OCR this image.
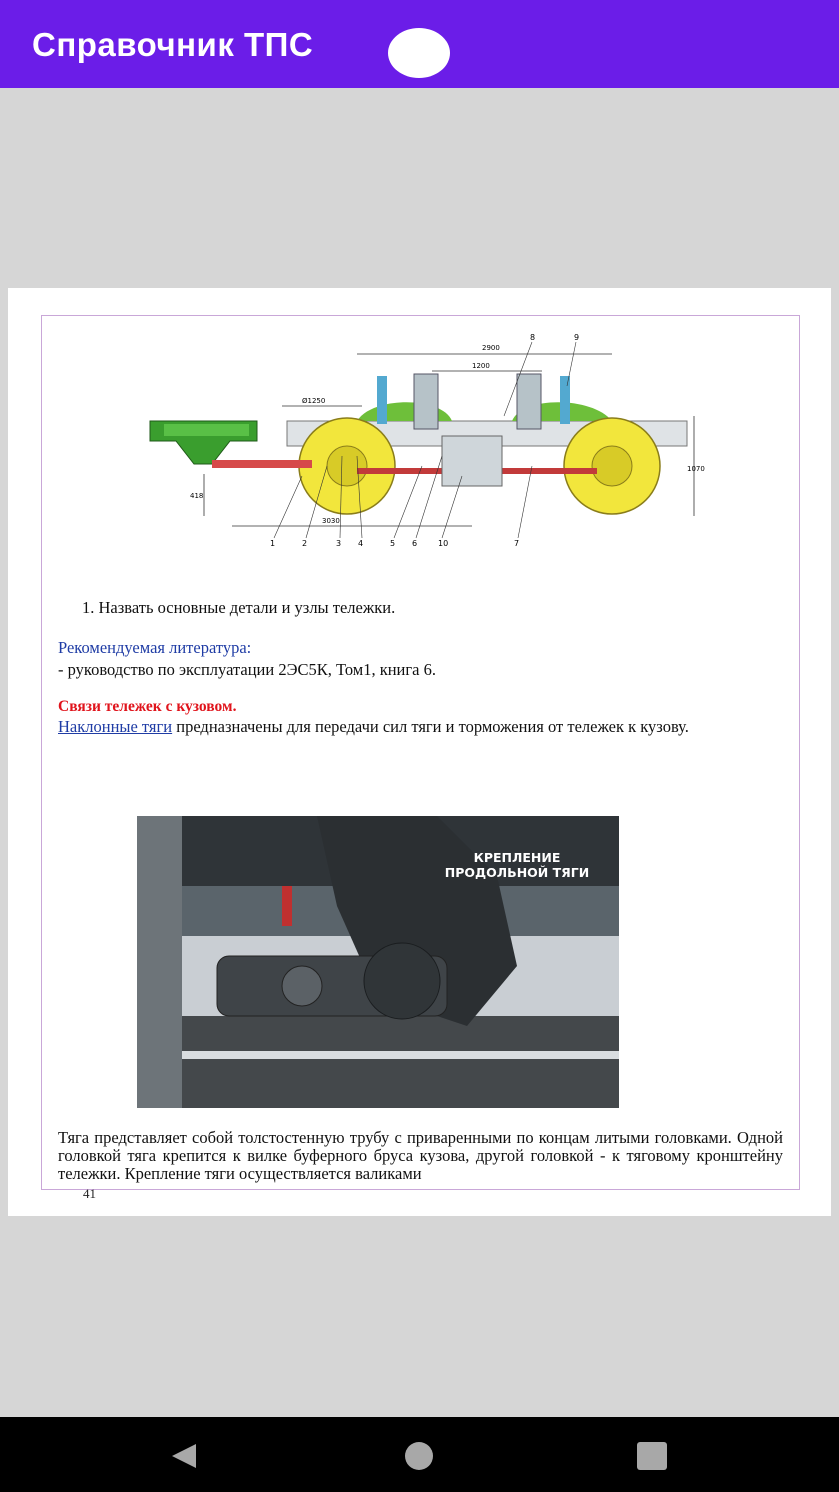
Справочник ТПС
2900
1200
Ø1250
3030
1070
418
8	9
1	2	3 4	5 6	10	7
1. Назвать основные детали и узлы тележки.
Рекомендуемая литература:
- руководство по эксплуатации 2ЭС5К, Том1, книга 6.
Связи тележек с кузовом.
Наклонные тяги предназначены для передачи сил тяги и торможения от тележек к кузову.
КРЕПЛЕНИЕ ПРОДОЛЬНОЙ ТЯГИ
Тяга представляет собой толстостенную трубу с приваренными по концам литыми головками. Одной головкой тяга крепится к вилке буферного бруса кузова, другой головкой - к тяговому кронштейну тележки. Крепление тяги осуществляется валиками
41
